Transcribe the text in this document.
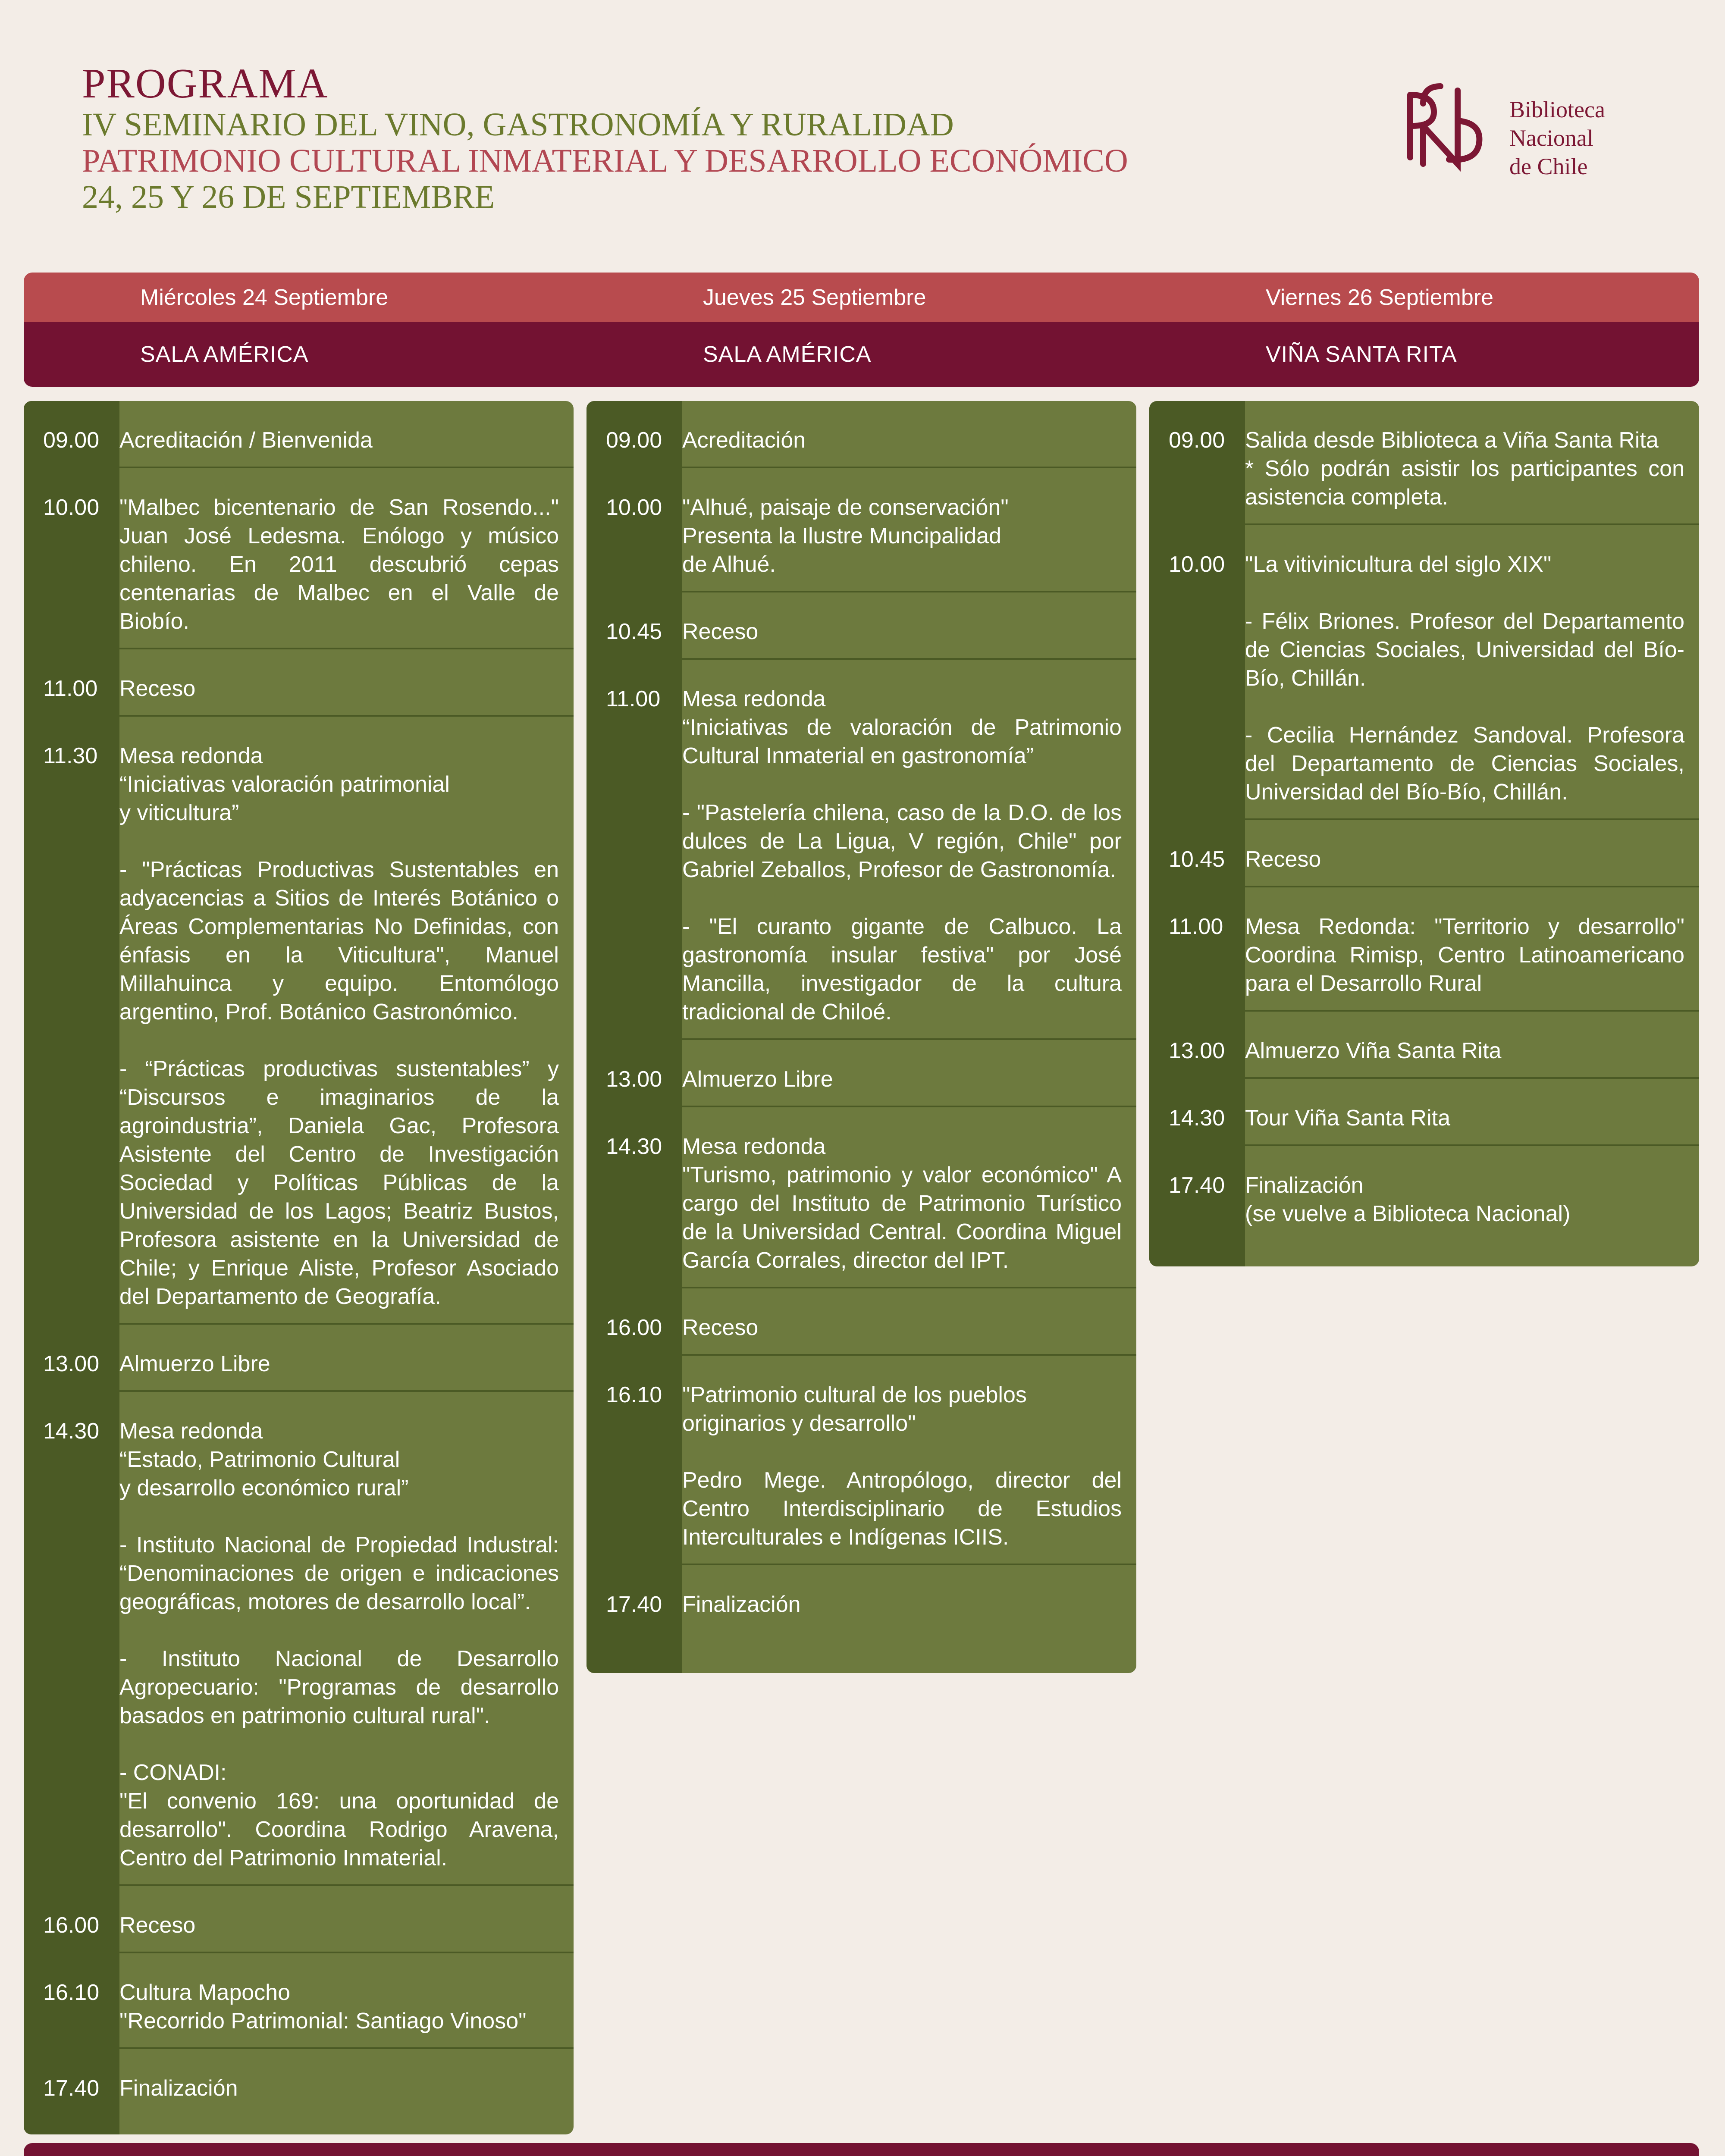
PROGRAMA
IV SEMINARIO DEL VINO, GASTRONOMÍA Y RURALIDAD
PATRIMONIO CULTURAL INMATERIAL Y DESARROLLO ECONÓMICO
24, 25 Y 26 DE SEPTIEMBRE
Biblioteca
Nacional
de Chile
Miércoles 24 Septiembre	Jueves 25 Septiembre	Viernes 26 Septiembre
SALA AMÉRICA	SALA AMÉRICA	VIÑA SANTA RITA
09.00 Acreditación / Bienvenida
10.00 "Malbec bicentenario de San Rosendo..." Juan José Ledesma. Enólogo y músico chileno. En 2011 descubrió cepas centenarias de Malbec en el Valle de Biobío.
11.00 Receso
11.30 Mesa redonda
“Iniciativas valoración patrimonial
y viticultura”
- "Prácticas Productivas Sustentables en adyacencias a Sitios de Interés Botánico o Áreas Complementarias No Definidas, con énfasis en la Viticultura", Manuel Millahuinca y equipo. Entomólogo argentino, Prof. Botánico Gastronómico.
- “Prácticas productivas sustentables” y “Discursos e imaginarios de la agroindustria”, Daniela Gac, Profesora Asistente del Centro de Investigación Sociedad y Políticas Públicas de la Universidad de los Lagos; Beatriz Bustos, Profesora asistente en la Universidad de Chile; y Enrique Aliste, Profesor Asociado del Departamento de Geografía.
13.00 Almuerzo Libre
14.30 Mesa redonda
“Estado, Patrimonio Cultural
y desarrollo económico rural”
- Instituto Nacional de Propiedad Industral: “Denominaciones de origen e indicaciones geográficas, motores de desarrollo local”.
- Instituto Nacional de Desarrollo Agropecuario: "Programas de desarrollo basados en patrimonio cultural rural".
- CONADI:
"El convenio 169: una oportunidad de desarrollo". Coordina Rodrigo Aravena, Centro del Patrimonio Inmaterial.
16.00 Receso
16.10 Cultura Mapocho
"Recorrido Patrimonial: Santiago Vinoso"
17.40 Finalización
09.00 Acreditación
10.00 "Alhué, paisaje de conservación"
Presenta la Ilustre Muncipalidad
de Alhué.
10.45 Receso
11.00 Mesa redonda
“Iniciativas de valoración de Patrimonio Cultural Inmaterial en gastronomía”
- "Pastelería chilena, caso de la D.O. de los dulces de La Ligua, V región, Chile" por Gabriel Zeballos, Profesor de Gastronomía.
- "El curanto gigante de Calbuco. La gastronomía insular festiva" por José Mancilla, investigador de la cultura tradicional de Chiloé.
13.00 Almuerzo Libre
14.30 Mesa redonda
"Turismo, patrimonio y valor económico" A cargo del Instituto de Patrimonio Turístico de la Universidad Central. Coordina Miguel García Corrales, director del IPT.
16.00 Receso
16.10 "Patrimonio cultural de los pueblos
originarios y desarrollo"
Pedro Mege. Antropólogo, director del Centro Interdisciplinario de Estudios Interculturales e Indígenas ICIIS.
17.40 Finalización
09.00 Salida desde Biblioteca a Viña Santa Rita
* Sólo podrán asistir los participantes con asistencia completa.
10.00 "La vitivinicultura del siglo XIX"
- Félix Briones. Profesor del Departamento de Ciencias Sociales, Universidad del Bío-Bío, Chillán.
- Cecilia Hernández Sandoval. Profesora del Departamento de Ciencias Sociales, Universidad del Bío-Bío, Chillán.
10.45 Receso
11.00 Mesa Redonda: "Territorio y desarrollo" Coordina Rimisp, Centro Latinoamericano para el Desarrollo Rural
13.00 Almuerzo Viña Santa Rita
14.30 Tour Viña Santa Rita
17.40 Finalización
(se vuelve a Biblioteca Nacional)
